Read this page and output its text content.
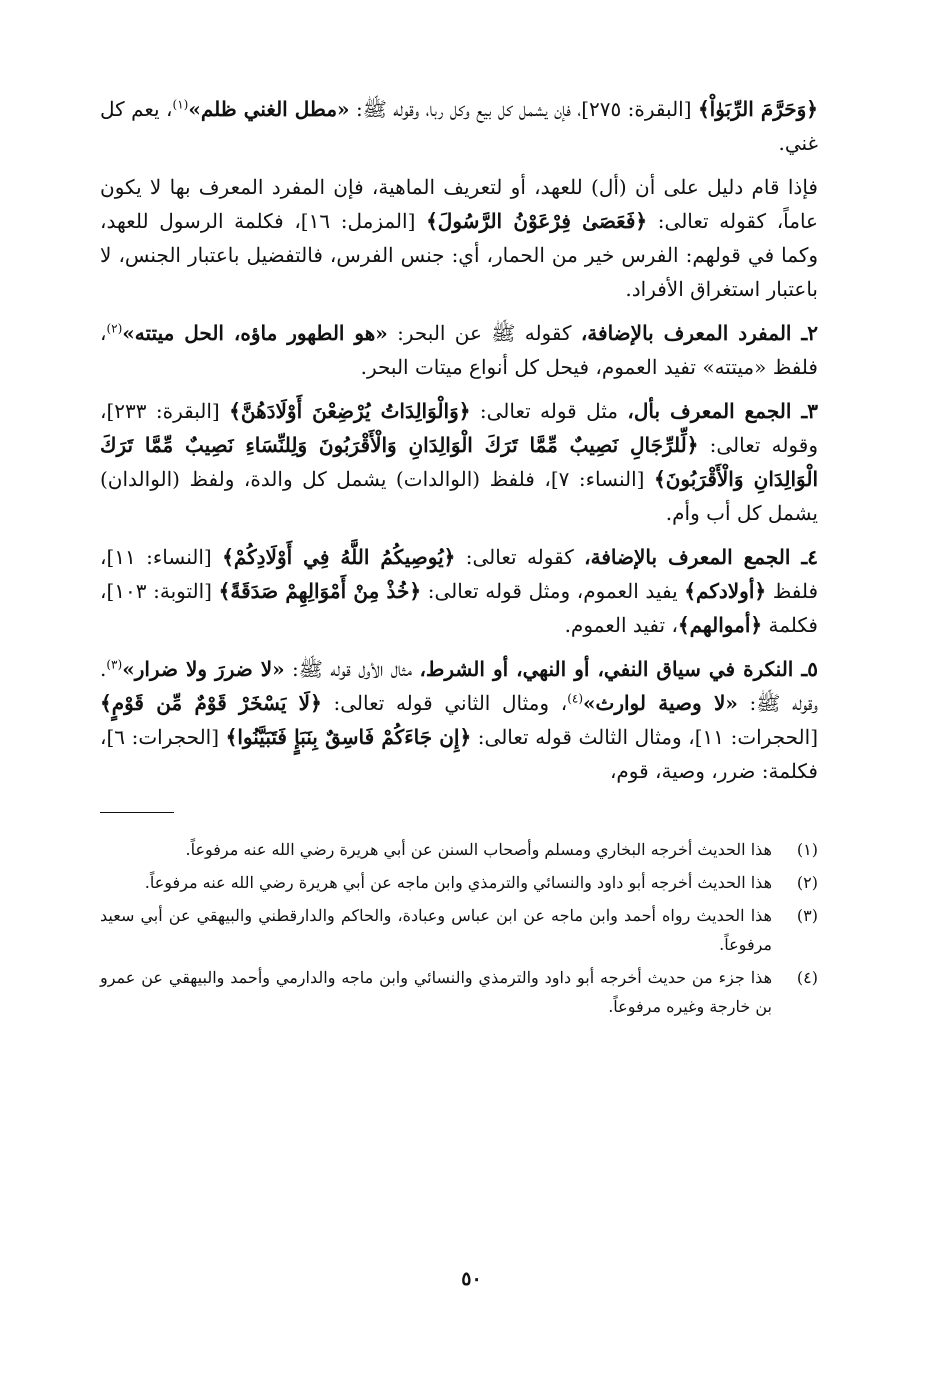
﴿وَحَرَّمَ الرِّبَوٰاْ﴾ [البقرة: ٢٧٥]، فإن يشمل كل بيع وكل ربا، وقوله ﷺ: «مطل الغني ظلم»$^{(١)}$، يعم كل غني.

فإذا قام دليل على أن (أل) للعهد، أو لتعريف الماهية، فإن المفرد المعرف بها لا يكون عاماً، كقوله تعالى: ﴿فَعَصَىٰ فِرْعَوْنُ الرَّسُولَ﴾ [المزمل: ١٦]، فكلمة الرسول للعهد، وكما في قولهم: الفرس خير من الحمار، أي: جنس الفرس، فالتفضيل باعتبار الجنس، لا باعتبار استغراق الأفراد.

٢ـ المفرد المعرف بالإضافة، كقوله ﷺ عن البحر: «هو الطهور ماؤه، الحل ميتته»$^{(٢)}$، فلفظ «ميتته» تفيد العموم، فيحل كل أنواع ميتات البحر.

٣ـ الجمع المعرف بأل، مثل قوله تعالى: ﴿وَالْوَالِدَاتُ يُرْضِعْنَ أَوْلَادَهُنَّ﴾ [البقرة: ٢٣٣]، وقوله تعالى: ﴿لِّلرِّجَالِ نَصِيبٌ مِّمَّا تَرَكَ الْوَالِدَانِ وَالْأَقْرَبُونَ وَلِلنِّسَاءِ نَصِيبٌ مِّمَّا تَرَكَ الْوَالِدَانِ وَالْأَقْرَبُونَ﴾ [النساء: ٧]، فلفظ (الوالدات) يشمل كل والدة، ولفظ (الوالدان) يشمل كل أب وأم.

٤ـ الجمع المعرف بالإضافة، كقوله تعالى: ﴿يُوصِيكُمُ اللَّهُ فِي أَوْلَادِكُمْ﴾ [النساء: ١١]، فلفظ ﴿أولادكم﴾ يفيد العموم، ومثل قوله تعالى: ﴿خُذْ مِنْ أَمْوَالِهِمْ صَدَقَةً﴾ [التوبة: ١٠٣]، فكلمة ﴿أموالهم﴾، تفيد العموم.

٥ـ النكرة في سياق النفي، أو النهي، أو الشرط، مثال الأول قوله ﷺ: «لا ضررَ ولا ضرار»$^{(٣)}$. وقوله ﷺ: «لا وصية لوارث»$^{(٤)}$، ومثال الثاني قوله تعالى: ﴿لَا يَسْخَرْ قَوْمٌ مِّن قَوْمٍ﴾ [الحجرات: ١١]، ومثال الثالث قوله تعالى: ﴿إِن جَاءَكُمْ فَاسِقٌ بِنَبَإٍ فَتَبَيَّنُوا﴾ [الحجرات: ٦]، فكلمة: ضرر، وصية، قوم،

(١)
هذا الحديث أخرجه البخاري ومسلم وأصحاب السنن عن أبي هريرة رضي الله عنه مرفوعاً.
(٢)
هذا الحديث أخرجه أبو داود والنسائي والترمذي وابن ماجه عن أبي هريرة رضي الله عنه مرفوعاً.
(٣)
هذا الحديث رواه أحمد وابن ماجه عن ابن عباس وعبادة، والحاكم والدارقطني والبيهقي عن أبي سعيد مرفوعاً.
(٤)
هذا جزء من حديث أخرجه أبو داود والترمذي والنسائي وابن ماجه والدارمي وأحمد والبيهقي عن عمرو بن خارجة وغيره مرفوعاً.
٥٠
